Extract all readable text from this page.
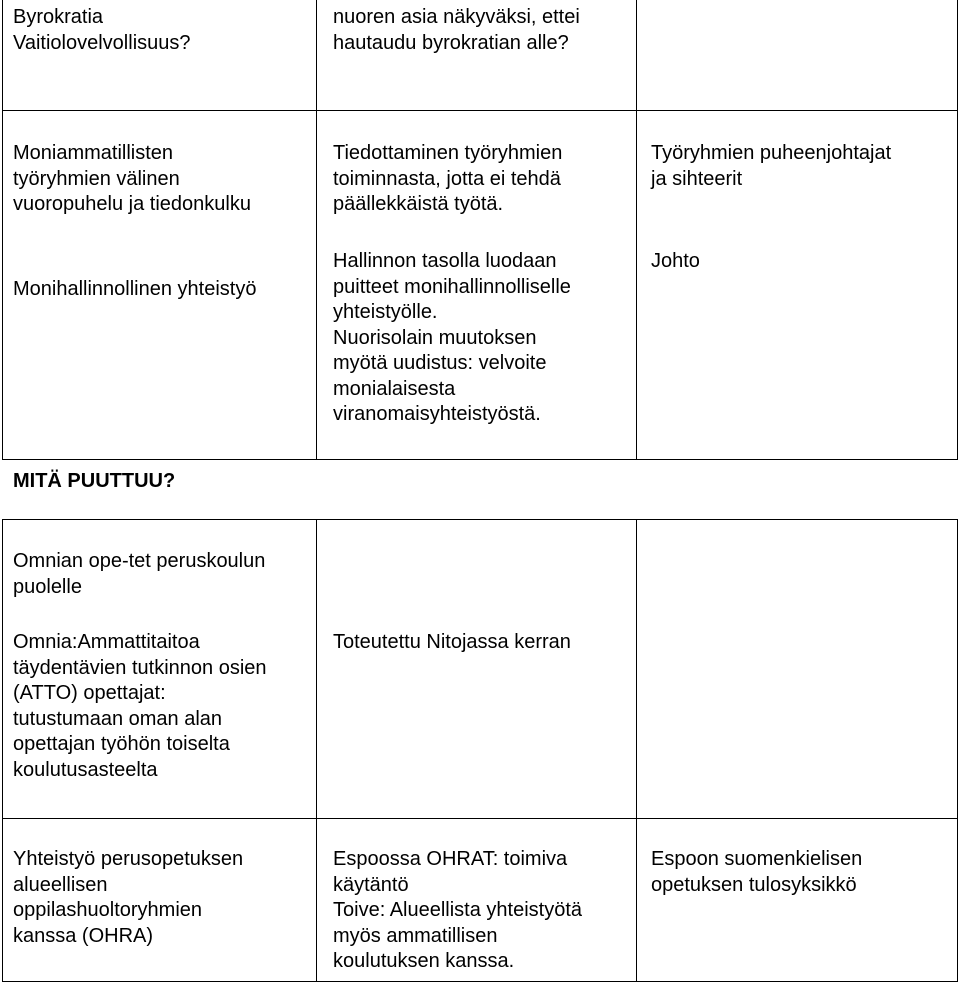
Byrokratia
Vaitiolovelvollisuus?
nuoren asia näkyväksi, ettei
hautaudu byrokratian alle?
Moniammatillisten
työryhmien välinen
vuoropuhelu ja tiedonkulku
Tiedottaminen työryhmien
toiminnasta, jotta ei tehdä
päällekkäistä työtä.
Työryhmien puheenjohtajat
ja sihteerit
Monihallinnollinen yhteistyö
Hallinnon tasolla luodaan
puitteet monihallinnolliselle
yhteistyölle.
Nuorisolain muutoksen
myötä uudistus: velvoite
monialaisesta
viranomaisyhteistyöstä.
Johto
MITÄ PUUTTUU?
Omnian ope-tet peruskoulun
puolelle
Omnia:Ammattitaitoa
täydentävien tutkinnon osien
(ATTO) opettajat:
tutustumaan oman alan
opettajan työhön toiselta
koulutusasteelta
Toteutettu Nitojassa kerran
Yhteistyö perusopetuksen
alueellisen
oppilashuoltoryhmien
kanssa (OHRA)
Espoossa OHRAT: toimiva
käytäntö
Toive: Alueellista yhteistyötä
myös ammatillisen
koulutuksen kanssa.
Espoon suomenkielisen
opetuksen tulosyksikkö
